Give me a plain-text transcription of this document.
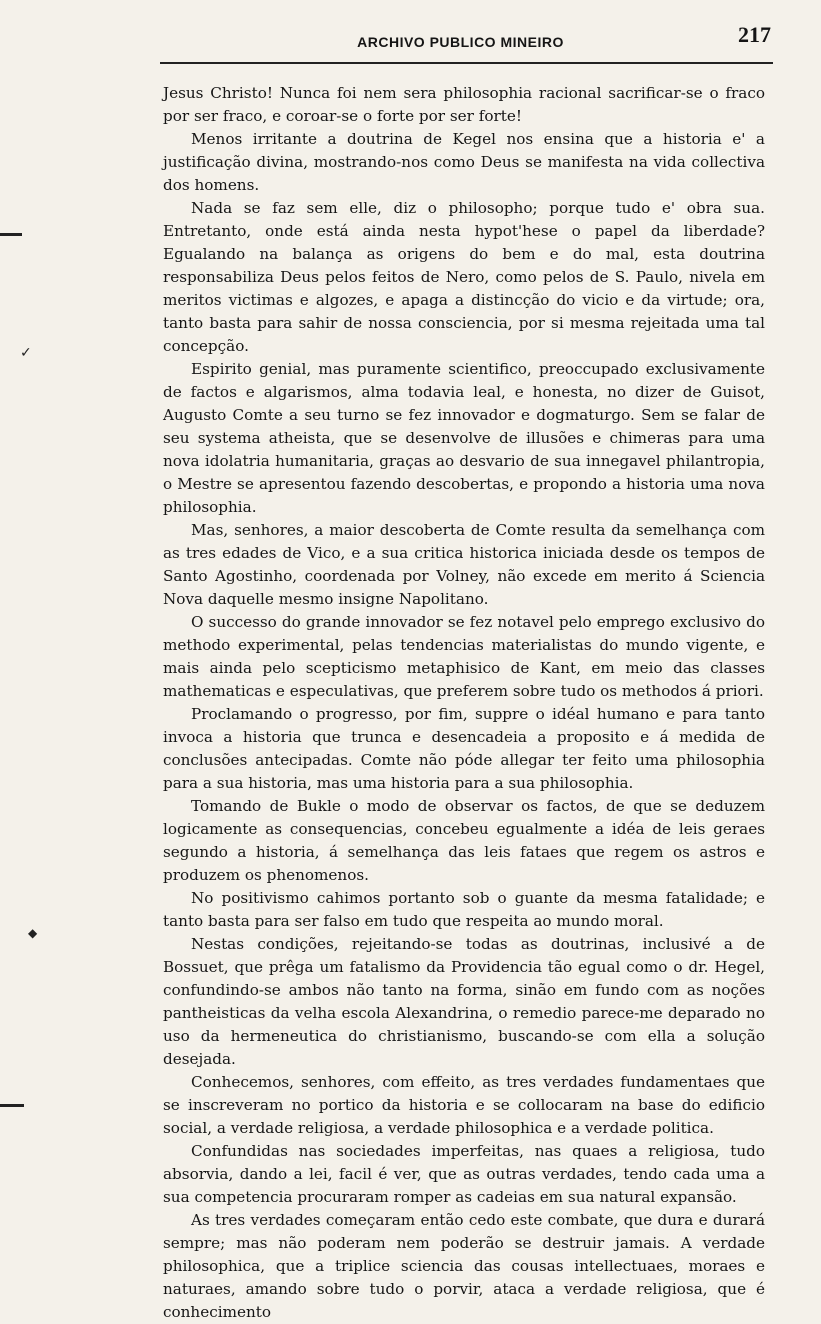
ARCHIVO PUBLICO MINEIRO	217
✓
◆

Jesus Christo! Nunca foi nem sera philosophia racional sacrificar-se o fraco por ser fraco, e coroar-se o forte por ser forte!

Menos irritante a doutrina de Kegel nos ensina que a historia e' a justificação divina, mostrando-nos como Deus se manifesta na vida collectiva dos homens.

Nada se faz sem elle, diz o philosopho; porque tudo e' obra sua. Entretanto, onde está ainda nesta hypot'hese o papel da liberdade? Egualando na balança as origens do bem e do mal, esta doutrina responsabiliza Deus pelos feitos de Nero, como pelos de S. Paulo, nivela em meritos victimas e algozes, e apaga a distincção do vicio e da virtude; ora, tanto basta para sahir de nossa consciencia, por si mesma rejeitada uma tal concepção.

Espirito genial, mas puramente scientifico, preoccupado exclusivamente de factos e algarismos, alma todavia leal, e honesta, no dizer de Guisot, Augusto Comte a seu turno se fez innovador e dogmaturgo. Sem se falar de seu systema atheista, que se desenvolve de illusões e chimeras para uma nova idolatria humanitaria, graças ao desvario de sua innegavel philantropia, o Mestre se apresentou fazendo descobertas, e propondo a historia uma nova philosophia.

Mas, senhores, a maior descoberta de Comte resulta da semelhança com as tres edades de Vico, e a sua critica historica iniciada desde os tempos de Santo Agostinho, coordenada por Volney, não excede em merito á Sciencia Nova daquelle mesmo insigne Napolitano.

O successo do grande innovador se fez notavel pelo emprego exclusivo do methodo experimental, pelas tendencias materialistas do mundo vigente, e mais ainda pelo scepticismo metaphisico de Kant, em meio das classes mathematicas e especulativas, que preferem sobre tudo os methodos á priori.

Proclamando o progresso, por fim, suppre o idéal humano e para tanto invoca a historia que trunca e desencadeia a proposito e á medida de conclusões antecipadas. Comte não póde allegar ter feito uma philosophia para a sua historia, mas uma historia para a sua philosophia.

Tomando de Bukle o modo de observar os factos, de que se deduzem logicamente as consequencias, concebeu egualmente a idéa de leis geraes segundo a historia, á semelhança das leis fataes que regem os astros e produzem os phenomenos.

No positivismo cahimos portanto sob o guante da mesma fatalidade; e tanto basta para ser falso em tudo que respeita ao mundo moral.

Nestas condições, rejeitando-se todas as doutrinas, inclusivé a de Bossuet, que prêga um fatalismo da Providencia tão egual como o dr. Hegel, confundindo-se ambos não tanto na forma, sinão em fundo com as noções pantheisticas da velha escola Alexandrina, o remedio parece-me deparado no uso da hermeneutica do christianismo, buscando-se com ella a solução desejada.

Conhecemos, senhores, com effeito, as tres verdades fundamentaes que se inscreveram no portico da historia e se collocaram na base do edificio social, a verdade religiosa, a verdade philosophica e a verdade politica.

Confundidas nas sociedades imperfeitas, nas quaes a religiosa, tudo absorvia, dando a lei, facil é ver, que as outras verdades, tendo cada uma a sua competencia procuraram romper as cadeias em sua natural expansão.

As tres verdades começaram então cedo este combate, que dura e durará sempre; mas não poderam nem poderão se destruir jamais. A verdade philosophica, que a triplice sciencia das cousas intellectuaes, moraes e naturaes, amando sobre tudo o porvir, ataca a verdade religiosa, que é conhecimento
